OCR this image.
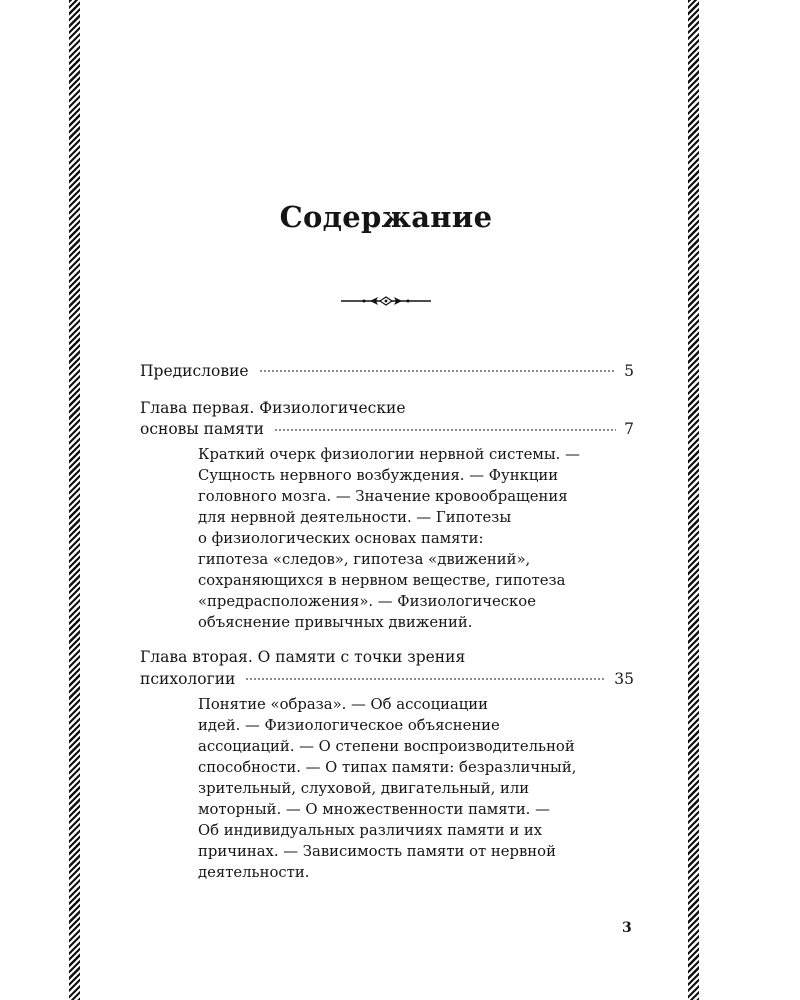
Содержание
Предисловие	5
Глава первая. Физиологические
основы памяти	7
Краткий очерк физиологии нервной системы. —
Сущность нервного возбуждения. — Функции
головного мозга. — Значение кровообращения
для нервной деятельности. — Гипотезы
о физиологических основах памяти:
гипотеза «следов», гипотеза «движений»,
сохраняющихся в нервном веществе, гипотеза
«предрасположения». — Физиологическое
объяснение привычных движений.
Глава вторая. О памяти с точки зрения
психологии	35
Понятие «образа». — Об ассоциации
идей. — Физиологическое объяснение
ассоциаций. — О степени воспроизводительной
способности. — О типах памяти: безразличный,
зрительный, слуховой, двигательный, или
моторный. — О множественности памяти. —
Об индивидуальных различиях памяти и их
причинах. — Зависимость памяти от нервной
деятельности.
3
